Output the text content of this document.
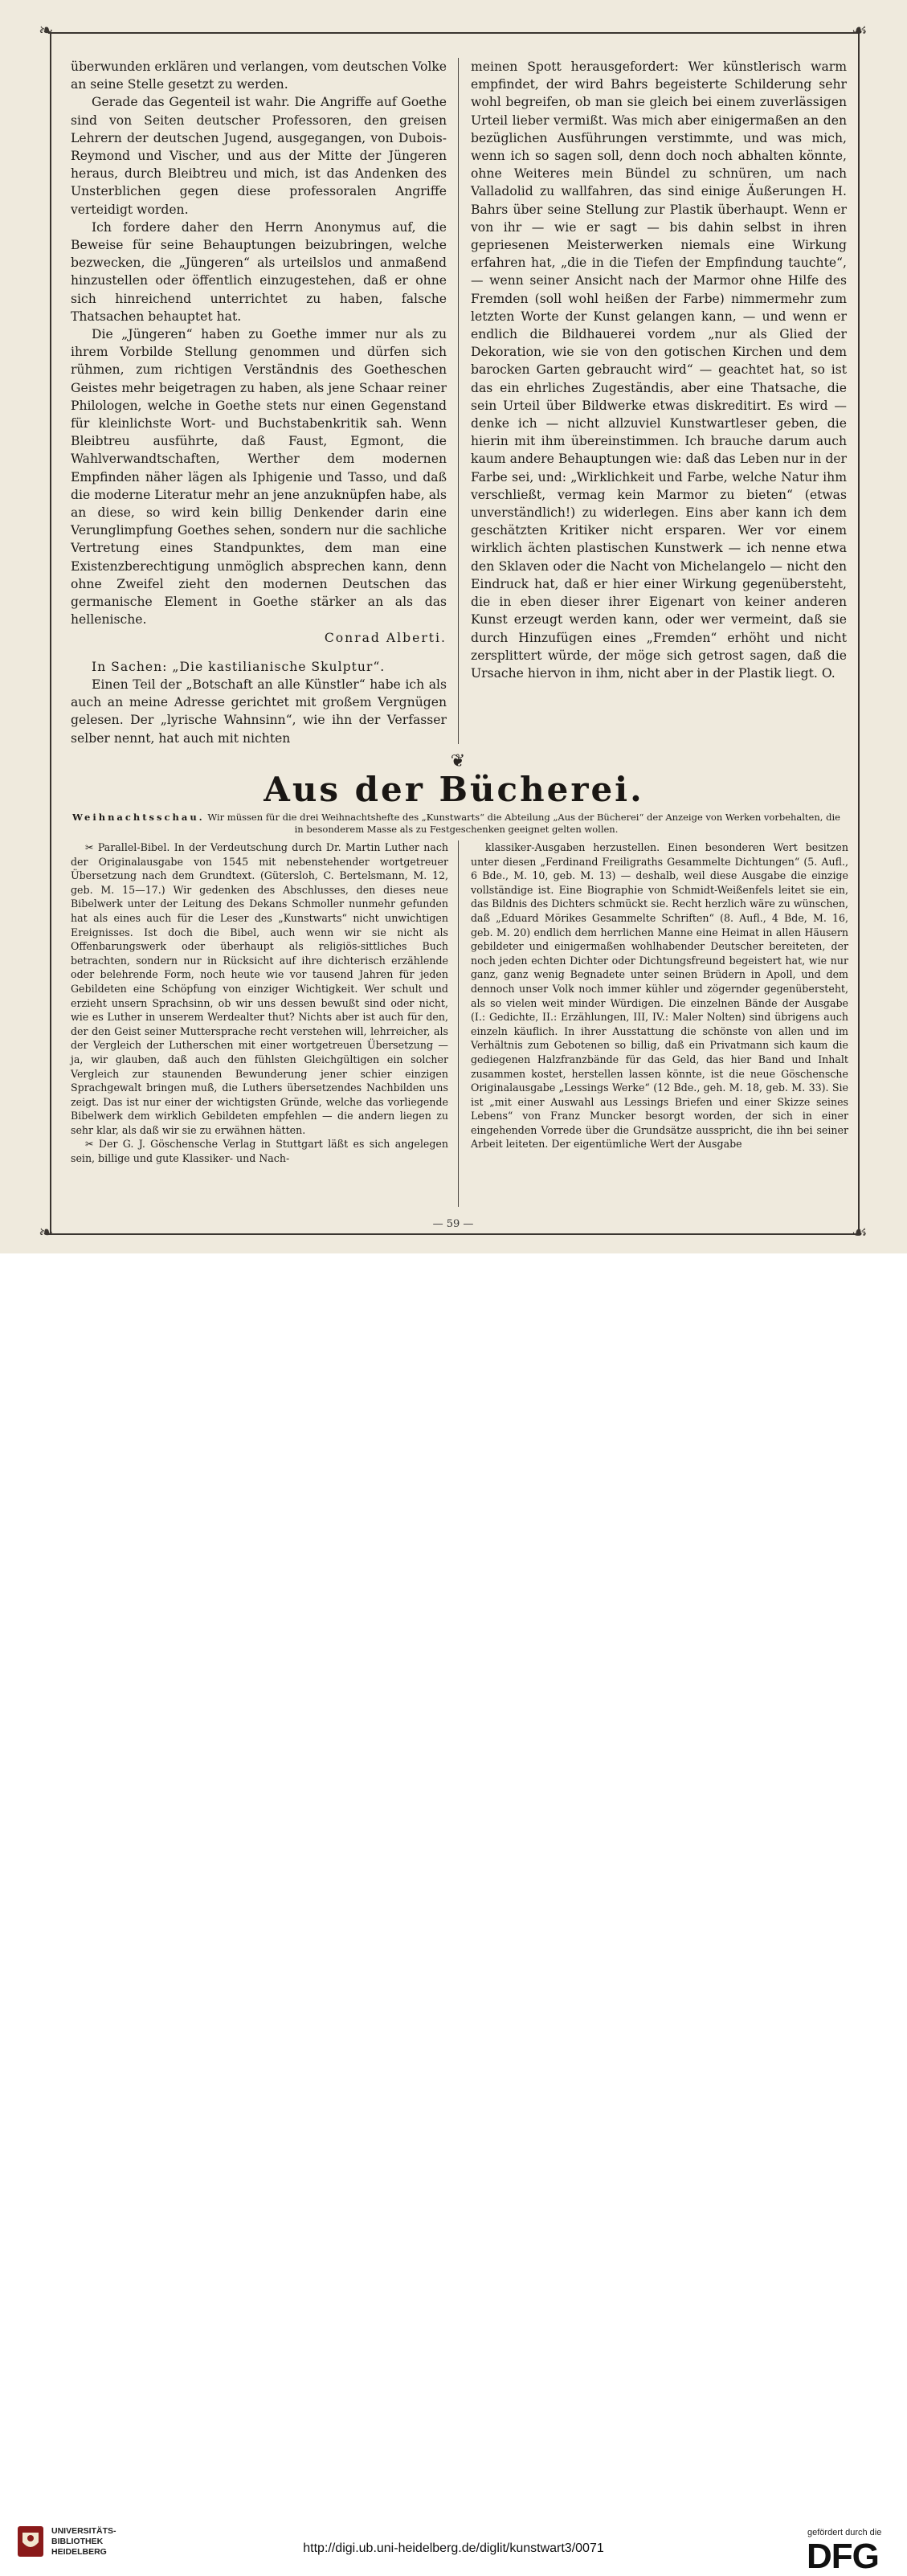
❧	☙
❧	☙

überwunden erklären und verlangen, vom deutschen Volke an seine Stelle gesetzt zu werden.

Gerade das Gegenteil ist wahr. Die Angriffe auf Goethe sind von Seiten deutscher Professoren, den greisen Lehrern der deutschen Jugend, ausgegangen, von Dubois-Reymond und Vischer, und aus der Mitte der Jüngeren heraus, durch Bleibtreu und mich, ist das Andenken des Unsterblichen gegen diese professoralen Angriffe verteidigt worden.

Ich fordere daher den Herrn Anonymus auf, die Beweise für seine Behauptungen beizubringen, welche bezwecken, die „Jüngeren“ als urteilslos und anmaßend hinzustellen oder öffentlich einzugestehen, daß er ohne sich hinreichend unterrichtet zu haben, falsche Thatsachen behauptet hat.

Die „Jüngeren“ haben zu Goethe immer nur als zu ihrem Vorbilde Stellung genommen und dürfen sich rühmen, zum richtigen Verständnis des Goetheschen Geistes mehr beigetragen zu haben, als jene Schaar reiner Philologen, welche in Goethe stets nur einen Gegenstand für kleinlichste Wort- und Buchstabenkritik sah. Wenn Bleibtreu ausführte, daß Faust, Egmont, die Wahlverwandtschaften, Werther dem modernen Empfinden näher lägen als Iphigenie und Tasso, und daß die moderne Literatur mehr an jene anzuknüpfen habe, als an diese, so wird kein billig Denkender darin eine Verunglimpfung Goethes sehen, sondern nur die sachliche Vertretung eines Standpunktes, dem man eine Existenzberechtigung unmöglich absprechen kann, denn ohne Zweifel zieht den modernen Deutschen das germanische Element in Goethe stärker an als das hellenische.

Conrad Alberti.

In Sachen: „Die kastilianische Skulptur“.

Einen Teil der „Botschaft an alle Künstler“ habe ich als auch an meine Adresse gerichtet mit großem Vergnügen gelesen. Der „lyrische Wahnsinn“, wie ihn der Verfasser selber nennt, hat auch mit nichten

meinen Spott herausgefordert: Wer künstlerisch warm empfindet, der wird Bahrs begeisterte Schilderung sehr wohl begreifen, ob man sie gleich bei einem zuverlässigen Urteil lieber vermißt. Was mich aber einigermaßen an den bezüglichen Ausführungen verstimmte, und was mich, wenn ich so sagen soll, denn doch noch abhalten könnte, ohne Weiteres mein Bündel zu schnüren, um nach Valladolid zu wallfahren, das sind einige Äußerungen H. Bahrs über seine Stellung zur Plastik überhaupt. Wenn er von ihr — wie er sagt — bis dahin selbst in ihren gepriesenen Meisterwerken niemals eine Wirkung erfahren hat, „die in die Tiefen der Empfindung tauchte“, — wenn seiner Ansicht nach der Marmor ohne Hilfe des Fremden (soll wohl heißen der Farbe) nimmermehr zum letzten Worte der Kunst gelangen kann, — und wenn er endlich die Bildhauerei vordem „nur als Glied der Dekoration, wie sie von den gotischen Kirchen und dem barocken Garten gebraucht wird“ — geachtet hat, so ist das ein ehrliches Zugeständis, aber eine Thatsache, die sein Urteil über Bildwerke etwas diskreditirt. Es wird — denke ich — nicht allzuviel Kunstwartleser geben, die hierin mit ihm übereinstimmen. Ich brauche darum auch kaum andere Behauptungen wie: daß das Leben nur in der Farbe sei, und: „Wirklichkeit und Farbe, welche Natur ihm verschließt, vermag kein Marmor zu bieten“ (etwas unverständlich!) zu widerlegen. Eins aber kann ich dem geschätzten Kritiker nicht ersparen. Wer vor einem wirklich ächten plastischen Kunstwerk — ich nenne etwa den Sklaven oder die Nacht von Michelangelo — nicht den Eindruck hat, daß er hier einer Wirkung gegenübersteht, die in eben dieser ihrer Eigenart von keiner anderen Kunst erzeugt werden kann, oder wer vermeint, daß sie durch Hinzufügen eines „Fremden“ erhöht und nicht zersplittert würde, der möge sich getrost sagen, daß die Ursache hiervon in ihm, nicht aber in der Plastik liegt. O.

❦
Aus der Bücherei.
Weihnachtsschau. Wir müssen für die drei Weihnachtshefte des „Kunstwarts“ die Abteilung „Aus der Bücherei“ der Anzeige von Werken vorbehalten, die in besonderem Masse als zu Festgeschenken geeignet gelten wollen.

✂ Parallel-Bibel. In der Verdeutschung durch Dr. Martin Luther nach der Originalausgabe von 1545 mit nebenstehender wortgetreuer Übersetzung nach dem Grundtext. (Gütersloh, C. Bertelsmann, M. 12, geb. M. 15—17.) Wir gedenken des Abschlusses, den dieses neue Bibelwerk unter der Leitung des Dekans Schmoller nunmehr gefunden hat als eines auch für die Leser des „Kunstwarts“ nicht unwichtigen Ereignisses. Ist doch die Bibel, auch wenn wir sie nicht als Offenbarungswerk oder überhaupt als religiös-sittliches Buch betrachten, sondern nur in Rücksicht auf ihre dichterisch erzählende oder belehrende Form, noch heute wie vor tausend Jahren für jeden Gebildeten eine Schöpfung von einziger Wichtigkeit. Wer schult und erzieht unsern Sprachsinn, ob wir uns dessen bewußt sind oder nicht, wie es Luther in unserem Werdealter thut? Nichts aber ist auch für den, der den Geist seiner Muttersprache recht verstehen will, lehrreicher, als der Vergleich der Lutherschen mit einer wortgetreuen Übersetzung — ja, wir glauben, daß auch den fühlsten Gleichgültigen ein solcher Vergleich zur staunenden Bewunderung jener schier einzigen Sprachgewalt bringen muß, die Luthers übersetzendes Nachbilden uns zeigt. Das ist nur einer der wichtigsten Gründe, welche das vorliegende Bibelwerk dem wirklich Gebildeten empfehlen — die andern liegen zu sehr klar, als daß wir sie zu erwähnen hätten.

✂ Der G. J. Göschensche Verlag in Stuttgart läßt es sich angelegen sein, billige und gute Klassiker- und Nach-

klassiker-Ausgaben herzustellen. Einen besonderen Wert besitzen unter diesen „Ferdinand Freiligraths Gesammelte Dichtungen“ (5. Aufl., 6 Bde., M. 10, geb. M. 13) — deshalb, weil diese Ausgabe die einzige vollständige ist. Eine Biographie von Schmidt-Weißenfels leitet sie ein, das Bildnis des Dichters schmückt sie. Recht herzlich wäre zu wünschen, daß „Eduard Mörikes Gesammelte Schriften“ (8. Aufl., 4 Bde, M. 16, geb. M. 20) endlich dem herrlichen Manne eine Heimat in allen Häusern gebildeter und einigermaßen wohlhabender Deutscher bereiteten, der noch jeden echten Dichter oder Dichtungsfreund begeistert hat, wie nur ganz, ganz wenig Begnadete unter seinen Brüdern in Apoll, und dem dennoch unser Volk noch immer kühler und zögernder gegenübersteht, als so vielen weit minder Würdigen. Die einzelnen Bände der Ausgabe (I.: Gedichte, II.: Erzählungen, III, IV.: Maler Nolten) sind übrigens auch einzeln käuflich. In ihrer Ausstattung die schönste von allen und im Verhältnis zum Gebotenen so billig, daß ein Privatmann sich kaum die gediegenen Halzfranzbände für das Geld, das hier Band und Inhalt zusammen kostet, herstellen lassen könnte, ist die neue Göschensche Originalausgabe „Lessings Werke“ (12 Bde., geh. M. 18, geb. M. 33). Sie ist „mit einer Auswahl aus Lessings Briefen und einer Skizze seines Lebens“ von Franz Muncker besorgt worden, der sich in einer eingehenden Vorrede über die Grundsätze ausspricht, die ihn bei seiner Arbeit leiteten. Der eigentümliche Wert der Ausgabe

— 59 —
UNIVERSITÄTS-
BIBLIOTHEK
HEIDELBERG	http://digi.ub.uni-heidelberg.de/diglit/kunstwart3/0071
gefördert durch die
DFG
